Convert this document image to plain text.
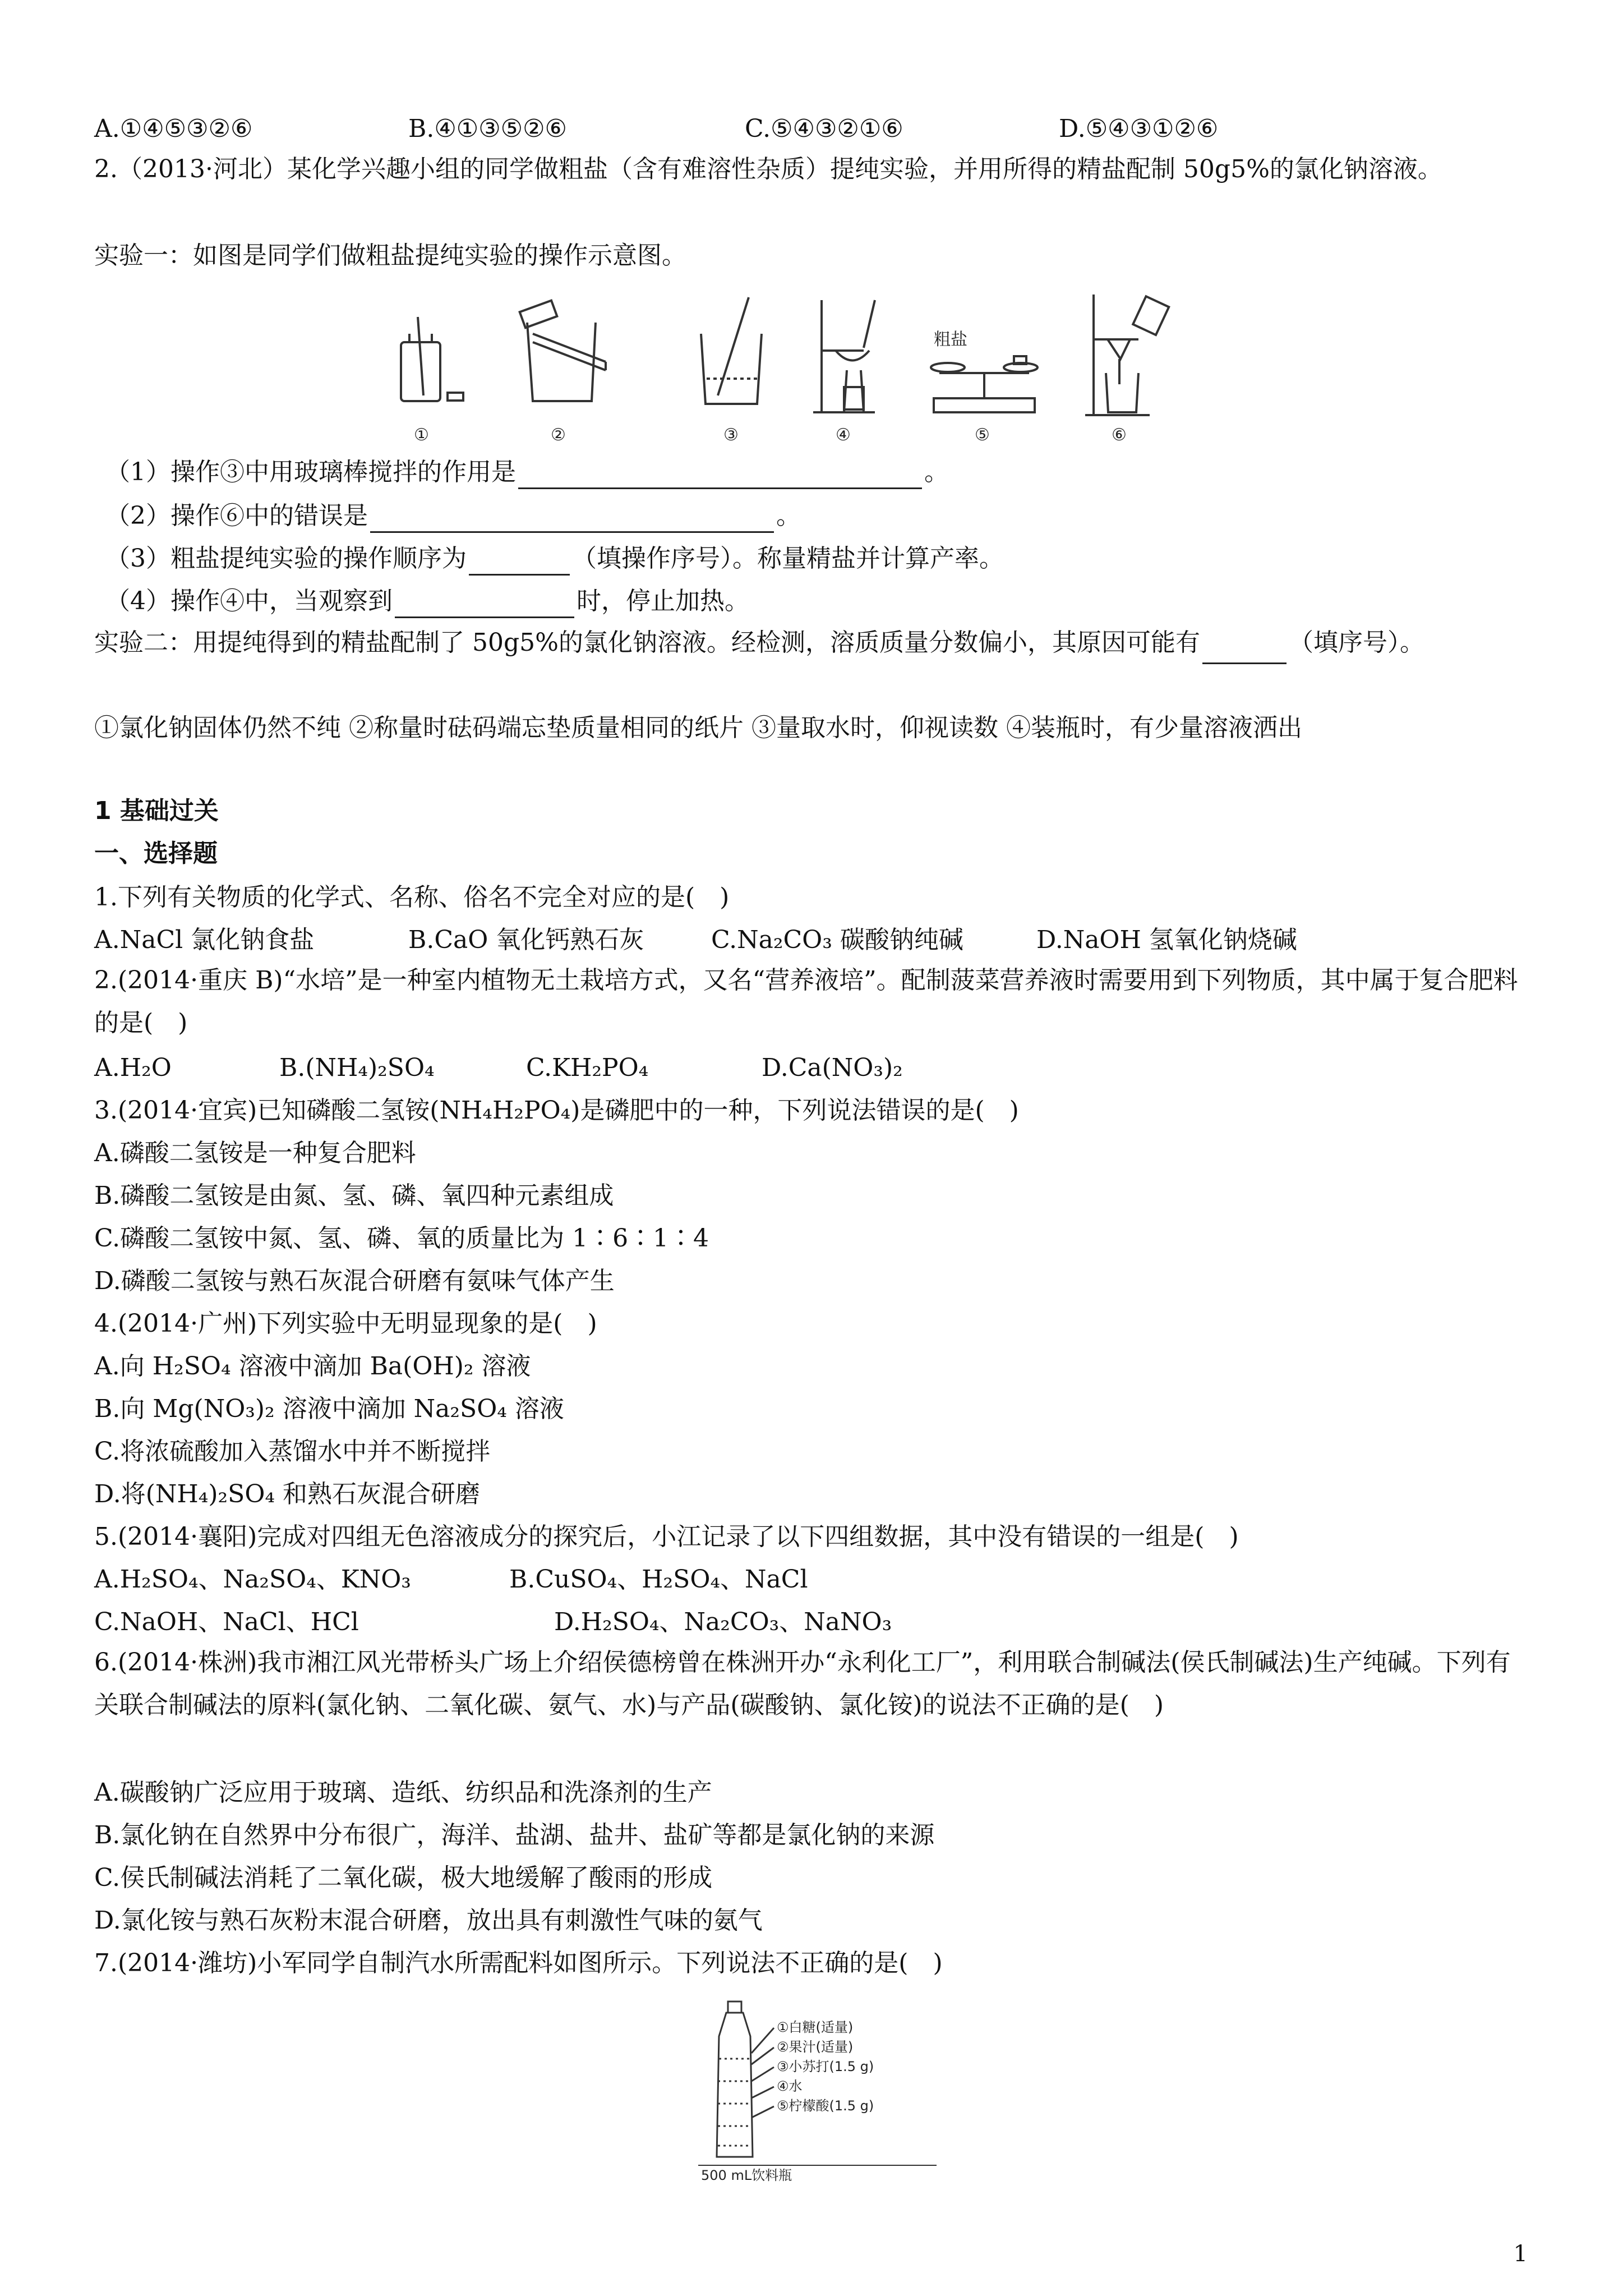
A.①④⑤③②⑥	B.④①③⑤②⑥	C.⑤④③②①⑥	D.⑤④③①②⑥
2.（2013·河北）某化学兴趣小组的同学做粗盐（含有难溶性杂质）提纯实验，并用所得的精盐配制 50g5%的氯化钠溶液。
实验一：如图是同学们做粗盐提纯实验的操作示意图。
粗盐
①	②	③	④	⑤	⑥
（1）操作③中用玻璃棒搅拌的作用是	。
（2）操作⑥中的错误是	。
（3）粗盐提纯实验的操作顺序为	（填操作序号）。称量精盐并计算产率。
（4）操作④中，当观察到	时，停止加热。
实验二：用提纯得到的精盐配制了 50g5%的氯化钠溶液。经检测，溶质质量分数偏小，其原因可能有	（填序号）。
①氯化钠固体仍然不纯 ②称量时砝码端忘垫质量相同的纸片 ③量取水时，仰视读数 ④装瓶时，有少量溶液洒出
1 基础过关
一、选择题
1.下列有关物质的化学式、名称、俗名不完全对应的是(　)
A.NaCl 氯化钠食盐	B.CaO 氧化钙熟石灰	C.Na₂CO₃ 碳酸钠纯碱	D.NaOH 氢氧化钠烧碱
2.(2014·重庆 B)“水培”是一种室内植物无土栽培方式，又名“营养液培”。配制菠菜营养液时需要用到下列物质，其中属于复合肥料的是(　)
A.H₂O	B.(NH₄)₂SO₄	C.KH₂PO₄	D.Ca(NO₃)₂
3.(2014·宜宾)已知磷酸二氢铵(NH₄H₂PO₄)是磷肥中的一种，下列说法错误的是(　)
A.磷酸二氢铵是一种复合肥料
B.磷酸二氢铵是由氮、氢、磷、氧四种元素组成
C.磷酸二氢铵中氮、氢、磷、氧的质量比为 1∶6∶1∶4
D.磷酸二氢铵与熟石灰混合研磨有氨味气体产生
4.(2014·广州)下列实验中无明显现象的是(　)
A.向 H₂SO₄ 溶液中滴加 Ba(OH)₂ 溶液
B.向 Mg(NO₃)₂ 溶液中滴加 Na₂SO₄ 溶液
C.将浓硫酸加入蒸馏水中并不断搅拌
D.将(NH₄)₂SO₄ 和熟石灰混合研磨
5.(2014·襄阳)完成对四组无色溶液成分的探究后，小江记录了以下四组数据，其中没有错误的一组是(　)
A.H₂SO₄、Na₂SO₄、KNO₃	B.CuSO₄、H₂SO₄、NaCl
C.NaOH、NaCl、HCl	D.H₂SO₄、Na₂CO₃、NaNO₃
6.(2014·株洲)我市湘江风光带桥头广场上介绍侯德榜曾在株洲开办“永利化工厂”，利用联合制碱法(侯氏制碱法)生产纯碱。下列有关联合制碱法的原料(氯化钠、二氧化碳、氨气、水)与产品(碳酸钠、氯化铵)的说法不正确的是(　)
A.碳酸钠广泛应用于玻璃、造纸、纺织品和洗涤剂的生产
B.氯化钠在自然界中分布很广，海洋、盐湖、盐井、盐矿等都是氯化钠的来源
C.侯氏制碱法消耗了二氧化碳，极大地缓解了酸雨的形成
D.氯化铵与熟石灰粉末混合研磨，放出具有刺激性气味的氨气
7.(2014·潍坊)小军同学自制汽水所需配料如图所示。下列说法不正确的是(　)
①白糖(适量)
②果汁(适量)
③小苏打(1.5 g)
④水
⑤柠檬酸(1.5 g)
500 mL饮料瓶
1
